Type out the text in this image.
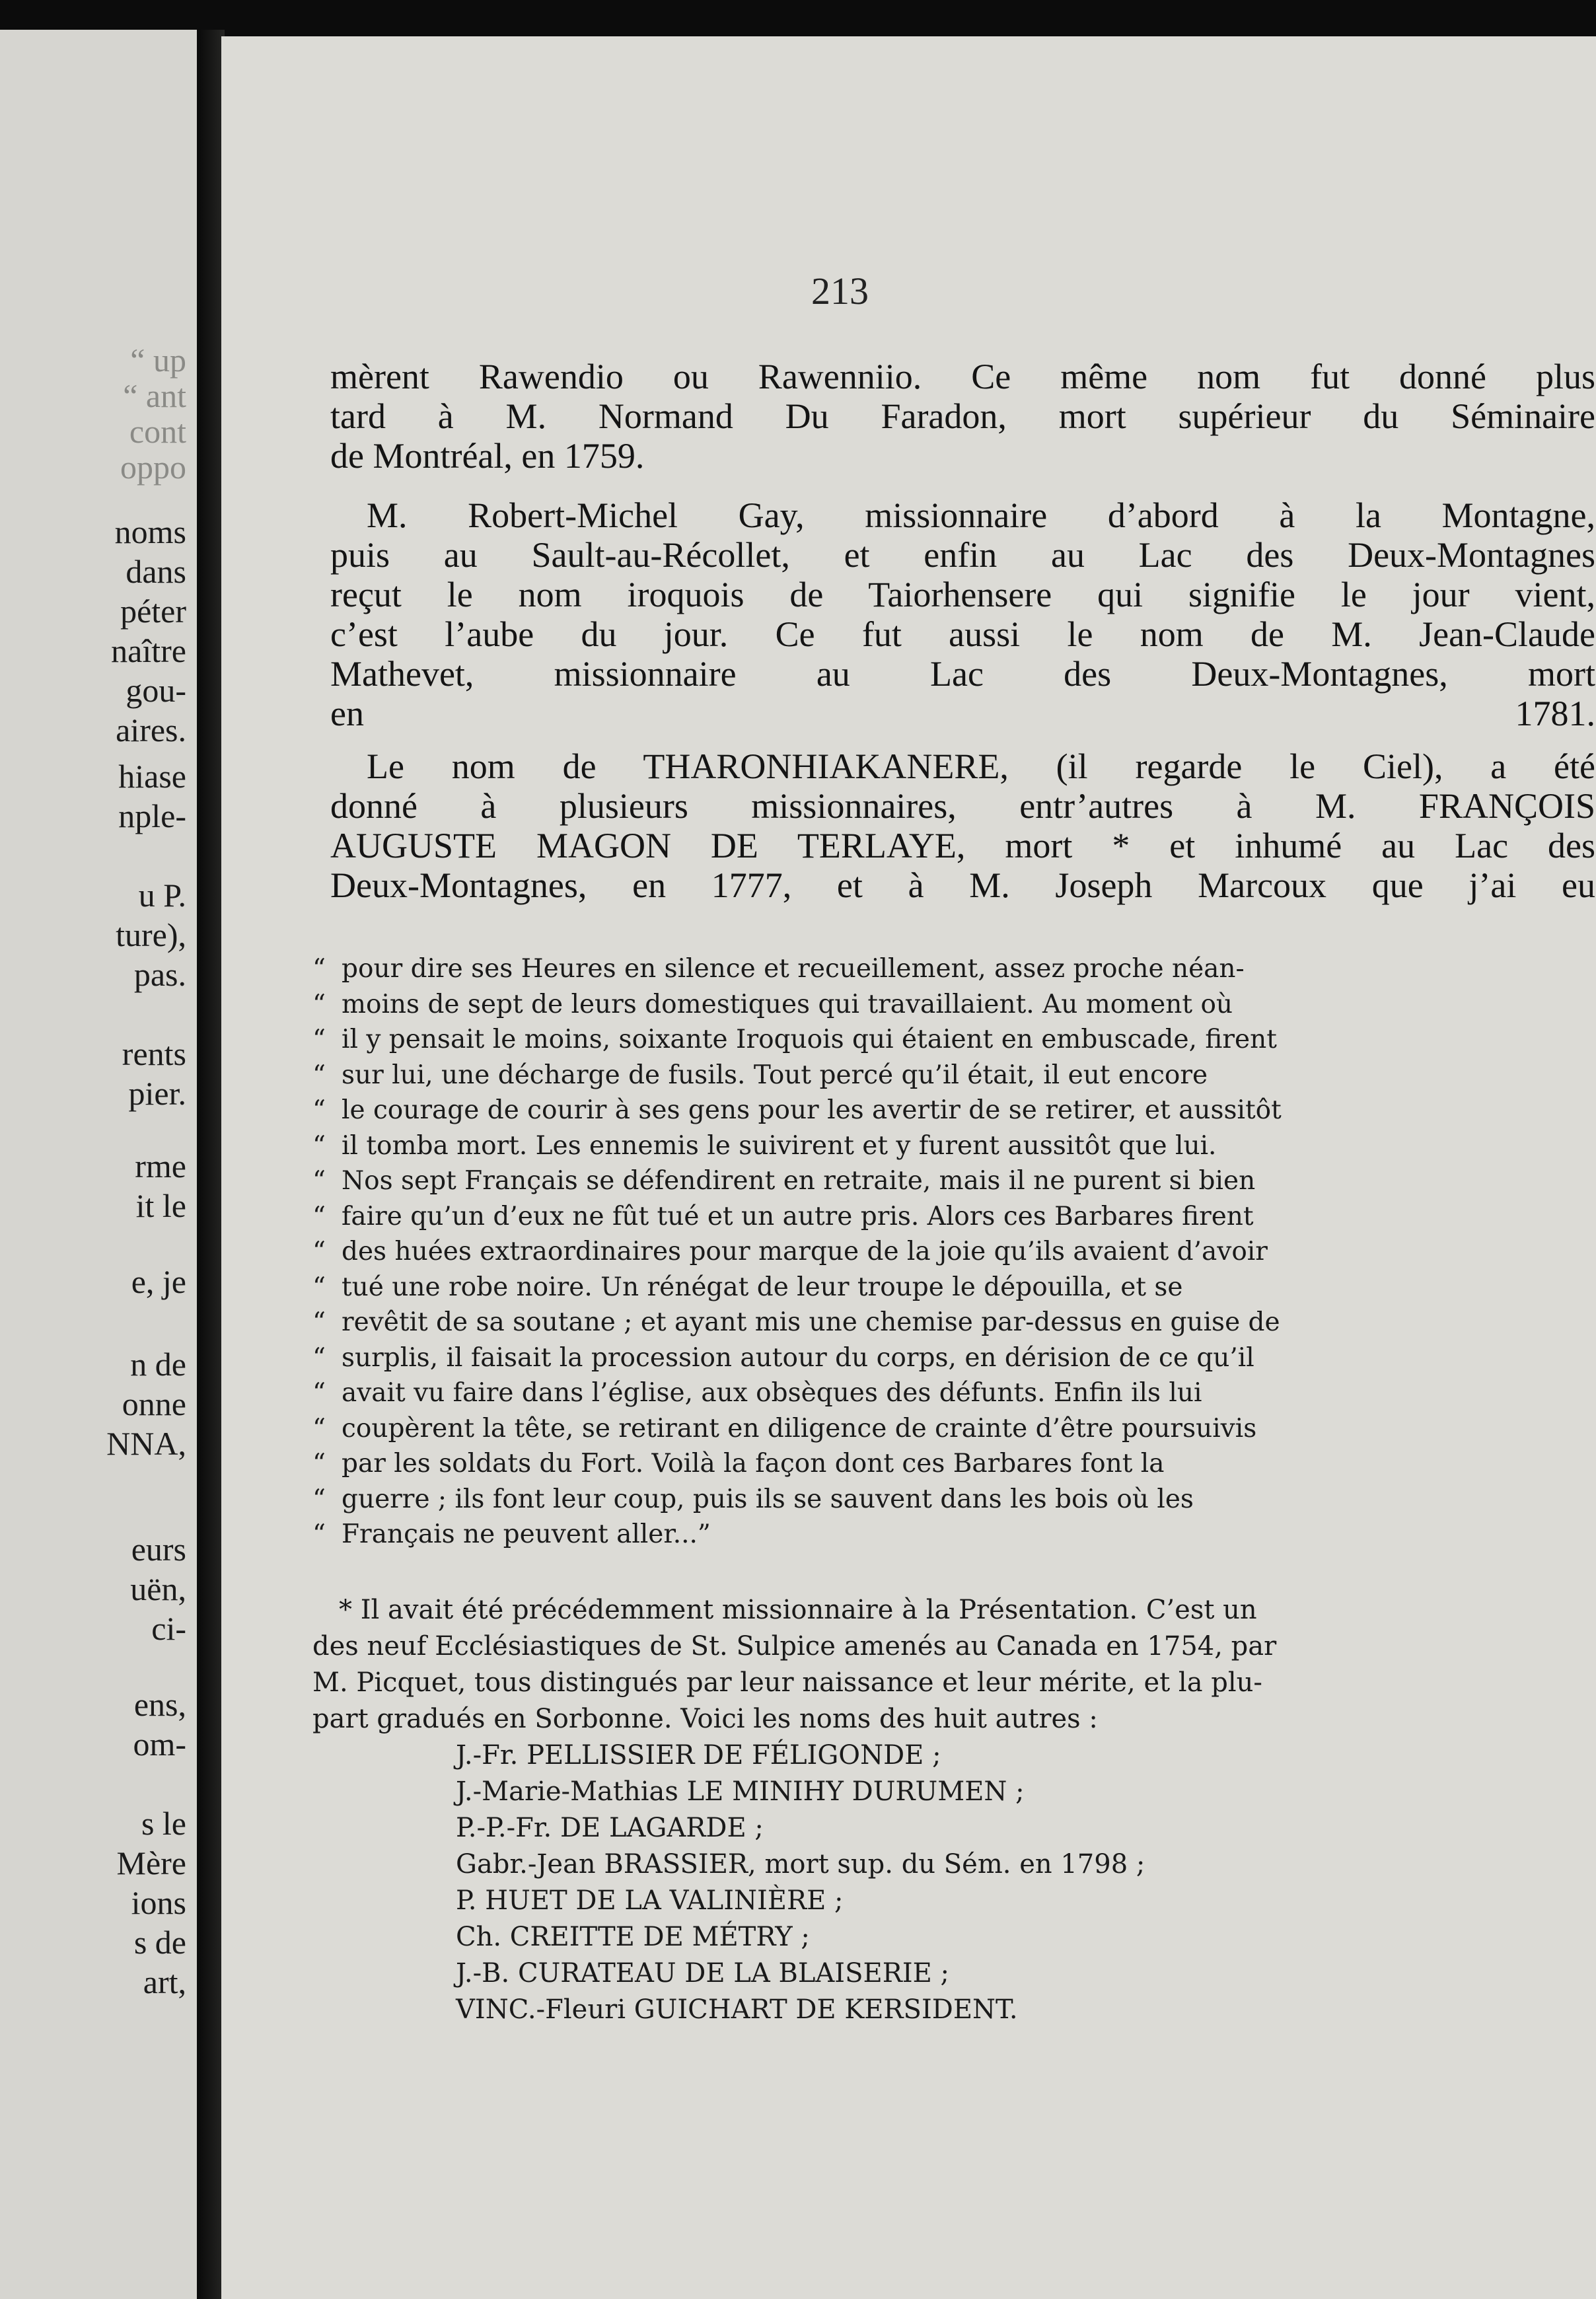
“ up

“ ant

cont

oppo

noms

dans

péter

naître

gou-

aires.

hiase

nple-

u P.

ture),

pas.

rents

pier.

rme

it le

e, je

n de

onne

NNA,

eurs

uën,

ci-

ens,

om-

s le

Mère

ions

s de

art,

213

mèrent Rawendio ou Rawenniio. Ce même nom fut donné plus
tard à M. Normand Du Faradon, mort supérieur du Séminaire
de Montréal, en 1759.

M. Robert-Michel Gay, missionnaire d’abord à la Montagne,
puis au Sault-au-Récollet, et enfin au Lac des Deux-Montagnes
reçut le nom iroquois de Taiorhensere qui signifie le jour vient,
c’est l’aube du jour. Ce fut aussi le nom de M. Jean-Claude
Mathevet, missionnaire au Lac des Deux-Montagnes, mort
en 1781.

Le nom de THARONHIAKANERE, (il regarde le Ciel), a été
donné à plusieurs missionnaires, entr’autres à M. FRANÇOIS
AUGUSTE MAGON DE TERLAYE, mort * et inhumé au Lac des
Deux-Montagnes, en 1777, et à M. Joseph Marcoux que j’ai eu

“ pour dire ses Heures en silence et recueillement, assez proche néan-
“ moins de sept de leurs domestiques qui travaillaient. Au moment où
“ il y pensait le moins, soixante Iroquois qui étaient en embuscade, firent
“ sur lui, une décharge de fusils. Tout percé qu’il était, il eut encore
“ le courage de courir à ses gens pour les avertir de se retirer, et aussitôt
“ il tomba mort. Les ennemis le suivirent et y furent aussitôt que lui.
“ Nos sept Français se défendirent en retraite, mais il ne purent si bien
“ faire qu’un d’eux ne fût tué et un autre pris. Alors ces Barbares firent
“ des huées extraordinaires pour marque de la joie qu’ils avaient d’avoir
“ tué une robe noire. Un rénégat de leur troupe le dépouilla, et se
“ revêtit de sa soutane ; et ayant mis une chemise par-dessus en guise de
“ surplis, il faisait la procession autour du corps, en dérision de ce qu’il
“ avait vu faire dans l’église, aux obsèques des défunts. Enfin ils lui
“ coupèrent la tête, se retirant en diligence de crainte d’être poursuivis
“ par les soldats du Fort. Voilà la façon dont ces Barbares font la
“ guerre ; ils font leur coup, puis ils se sauvent dans les bois où les
“ Français ne peuvent aller...”
* Il avait été précédemment missionnaire à la Présentation. C’est un
des neuf Ecclésiastiques de St. Sulpice amenés au Canada en 1754, par
M. Picquet, tous distingués par leur naissance et leur mérite, et la plu-
part gradués en Sorbonne. Voici les noms des huit autres :
J.-Fr. PELLISSIER DE FÉLIGONDE ;
J.-Marie-Mathias LE MINIHY DURUMEN ;
P.-P.-Fr. DE LAGARDE ;
Gabr.-Jean BRASSIER, mort sup. du Sém. en 1798 ;
P. HUET DE LA VALINIÈRE ;
Ch. CREITTE DE MÉTRY ;
J.-B. CURATEAU DE LA BLAISERIE ;
VINC.-Fleuri GUICHART DE KERSIDENT.
